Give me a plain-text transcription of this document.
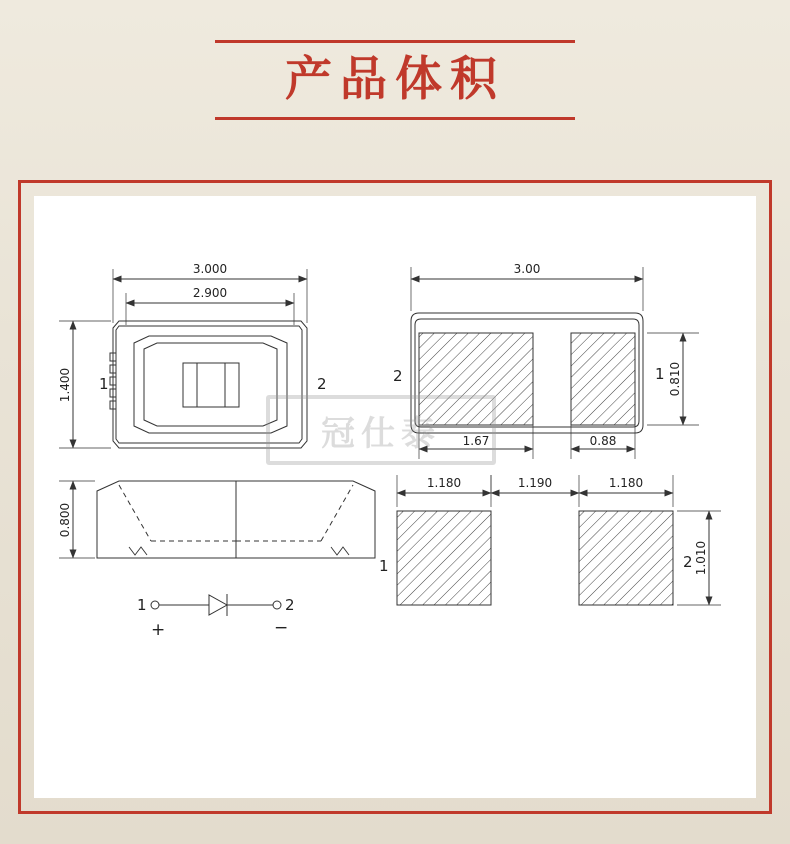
产品体积
1	2
3.000
2.900
1.400	2
3.00
0.810
1
1.67	0.88
0.800
1	2
+	−
1	2
1.180	1.190	1.180
1.010
冠仕泰
